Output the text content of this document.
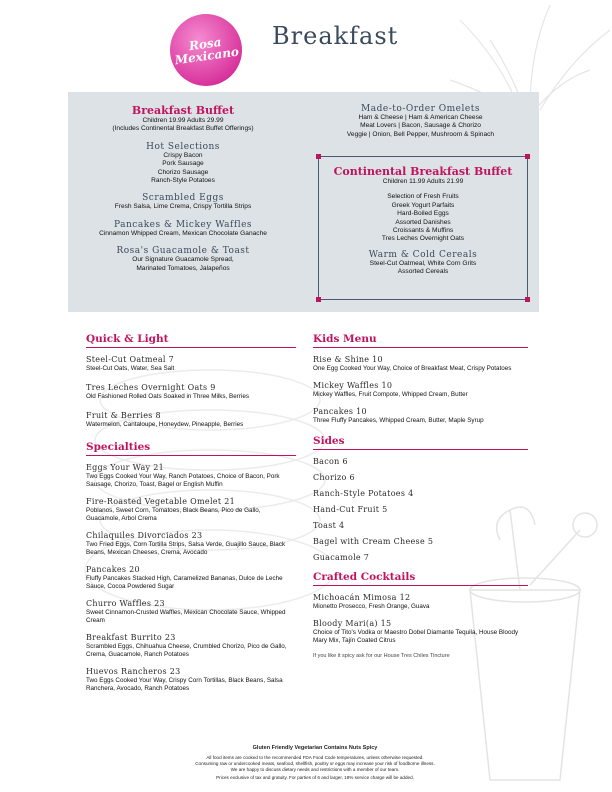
Rosa Mexicano
Breakfast
Breakfast Buffet
Children 19.99 Adults 29.99
(Includes Continental Breakfast Buffet Offerings)
Hot Selections
Crispy Bacon
Pork Sausage
Chorizo Sausage
Ranch-Style Potatoes
Scrambled Eggs
Fresh Salsa, Lime Crema, Crispy Tortilla Strips
Pancakes & Mickey Waffles
Cinnamon Whipped Cream, Mexican Chocolate Ganache
Rosa's Guacamole & Toast
Our Signature Guacamole Spread,
Marinated Tomatoes, Jalapeños
Made-to-Order Omelets
Ham & Cheese | Ham & American Cheese
Meat Lovers | Bacon, Sausage & Chorizo
Veggie | Onion, Bell Pepper, Mushroom & Spinach
Continental Breakfast Buffet
Children 11.99 Adults 21.99
Selection of Fresh Fruits
Greek Yogurt Parfaits
Hard-Boiled Eggs
Assorted Danishes
Croissants & Muffins
Tres Leches Overnight Oats
Warm & Cold Cereals
Steel-Cut Oatmeal, White Corn Grits
Assorted Cereals
Quick & Light
Steel-Cut Oatmeal 7
Steel-Cut Oats, Water, Sea Salt
Tres Leches Overnight Oats 9
Old Fashioned Rolled Oats Soaked in Three Milks, Berries
Fruit & Berries 8
Watermelon, Cantaloupe, Honeydew, Pineapple, Berries
Specialties
Eggs Your Way 21
Two Eggs Cooked Your Way, Ranch Potatoes, Choice of Bacon, Pork Sausage, Chorizo, Toast, Bagel or English Muffin
Fire-Roasted Vegetable Omelet 21
Poblanos, Sweet Corn, Tomatoes, Black Beans, Pico de Gallo, Guacamole, Arbol Crema
Chilaquiles Divorciados 23
Two Fried Eggs, Corn Tortilla Strips, Salsa Verde, Guajillo Sauce, Black Beans, Mexican Cheeses, Crema, Avocado
Pancakes 20
Fluffy Pancakes Stacked High, Caramelized Bananas, Dulce de Leche Sauce, Cocoa Powdered Sugar
Churro Waffles 23
Sweet Cinnamon-Crusted Waffles, Mexican Chocolate Sauce, Whipped Cream
Breakfast Burrito 23
Scrambled Eggs, Chihuahua Cheese, Crumbled Chorizo, Pico de Gallo, Crema, Guacamole, Ranch Potatoes
Huevos Rancheros 23
Two Eggs Cooked Your Way, Crispy Corn Tortillas, Black Beans, Salsa Ranchera, Avocado, Ranch Potatoes
Kids Menu
Rise & Shine 10
One Egg Cooked Your Way, Choice of Breakfast Meat, Crispy Potatoes
Mickey Waffles 10
Mickey Waffles, Fruit Compote, Whipped Cream, Butter
Pancakes 10
Three Fluffy Pancakes, Whipped Cream, Butter, Maple Syrup
Sides
Bacon 6
Chorizo 6
Ranch-Style Potatoes 4
Hand-Cut Fruit 5
Toast 4
Bagel with Cream Cheese 5
Guacamole 7
Crafted Cocktails
Michoacán Mimosa 12
Mionetto Prosecco, Fresh Orange, Guava
Bloody Mari(a) 15
Choice of Tito's Vodka or Maestro Dobel Diamante Tequila, House Bloody Mary Mix, Tajín Coated Citrus
If you like it spicy ask for our House Tres Chiles Tincture
Gluten Friendly Vegetarian Contains Nuts Spicy
All food items are cooked to the recommended FDA Food Code temperatures, unless otherwise requested.
Consuming raw or undercooked meats, seafood, shellfish, poultry or eggs may increase your risk of foodborne illness.
We are happy to discuss dietary needs and restrictions with a member of our team.
Prices exclusive of tax and gratuity. For parties of 6 and larger, 18% service charge will be added.
